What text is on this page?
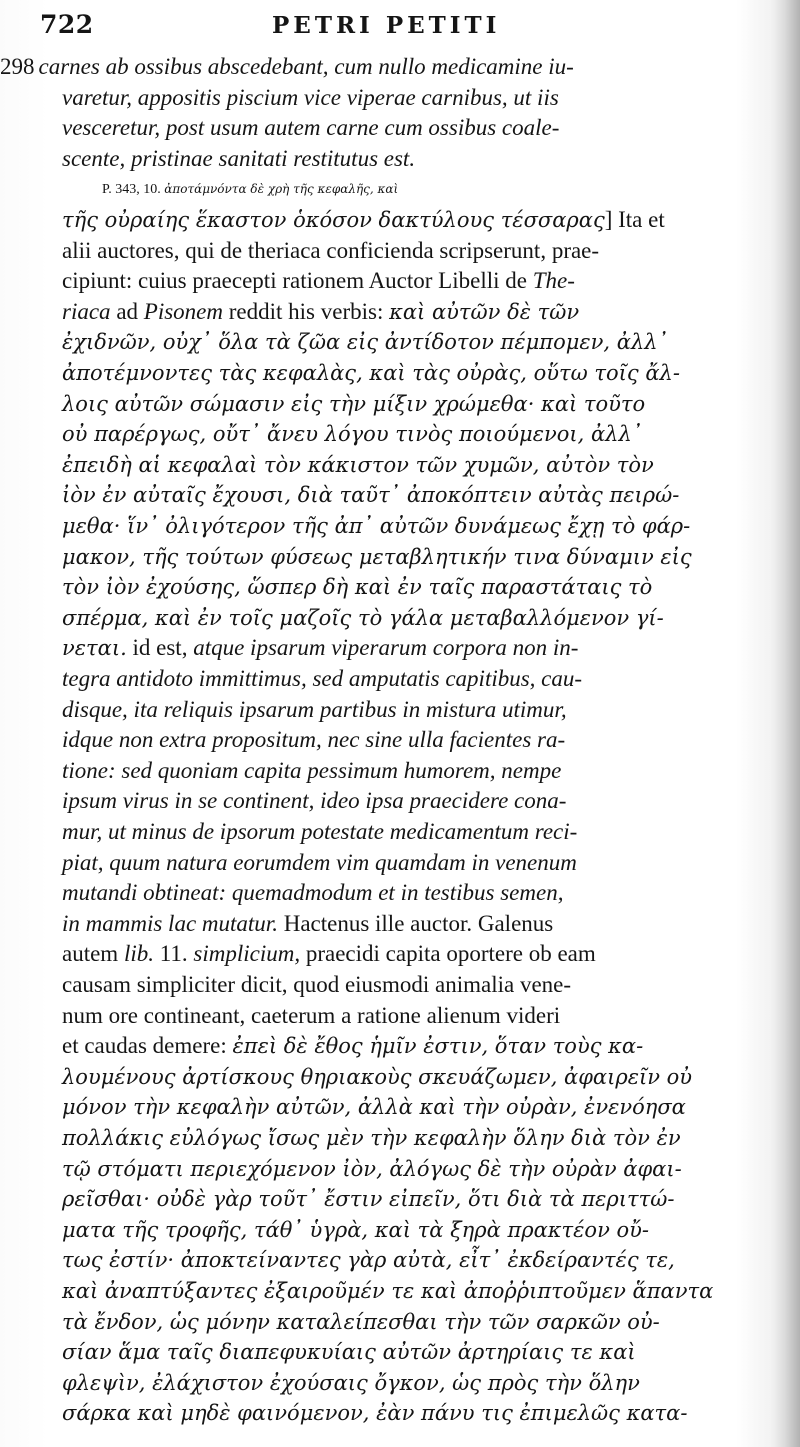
722	PETRI PETITI
298 carnes ab ossibus abscedebant, cum nullo medicamine iu-
varetur, appositis piscium vice viperae carnibus, ut iis
vesceretur, post usum autem carne cum ossibus coale-
scente, pristinae sanitati restitutus est.
P. 343, 10. ἀποτάμνόντα δὲ χρὴ τῆς κεφαλῆς, καὶ
τῆς οὐραίης ἕκαστον ὁκόσον δακτύλους τέσσαρας] Ita et
alii auctores, qui de theriaca conficienda scripserunt, prae-
cipiunt: cuius praecepti rationem Auctor Libelli de The-
riaca ad Pisonem reddit his verbis: καὶ αὐτῶν δὲ τῶν
ἐχιδνῶν, οὐχ᾿ ὅλα τὰ ζῶα εἰς ἀντίδοτον πέμπομεν, ἀλλ᾿
ἀποτέμνοντες τὰς κεφαλὰς, καὶ τὰς οὐρὰς, οὕτω τοῖς ἄλ-
λοις αὐτῶν σώμασιν εἰς τὴν μίξιν χρώμεθα· καὶ τοῦτο
οὐ παρέργως, οὔτ᾿ ἄνευ λόγου τινὸς ποιούμενοι, ἀλλ᾿
ἐπειδὴ αἱ κεφαλαὶ τὸν κάκιστον τῶν χυμῶν, αὐτὸν τὸν
ἰὸν ἐν αὐταῖς ἔχουσι, διὰ ταῦτ᾿ ἀποκόπτειν αὐτὰς πειρώ-
μεθα· ἵν᾿ ὀλιγότερον τῆς ἀπ᾿ αὐτῶν δυνάμεως ἔχῃ τὸ φάρ-
μακον, τῆς τούτων φύσεως μεταβλητικήν τινα δύναμιν εἰς
τὸν ἰὸν ἐχούσης, ὥσπερ δὴ καὶ ἐν ταῖς παραστάταις τὸ
σπέρμα, καὶ ἐν τοῖς μαζοῖς τὸ γάλα μεταβαλλόμενον γί-
νεται. id est, atque ipsarum viperarum corpora non in-
tegra antidoto immittimus, sed amputatis capitibus, cau-
disque, ita reliquis ipsarum partibus in mistura utimur,
idque non extra propositum, nec sine ulla facientes ra-
tione: sed quoniam capita pessimum humorem, nempe
ipsum virus in se continent, ideo ipsa praecidere cona-
mur, ut minus de ipsorum potestate medicamentum reci-
piat, quum natura eorumdem vim quamdam in venenum
mutandi obtineat: quemadmodum et in testibus semen,
in mammis lac mutatur. Hactenus ille auctor. Galenus
autem lib. 11. simplicium, praecidi capita oportere ob eam
causam simpliciter dicit, quod eiusmodi animalia vene-
num ore contineant, caeterum a ratione alienum videri
et caudas demere: ἐπεὶ δὲ ἔθος ἡμῖν ἐστιν, ὅταν τοὺς κα-
λουμένους ἀρτίσκους θηριακοὺς σκευάζωμεν, ἀφαιρεῖν οὐ
μόνον τὴν κεφαλὴν αὐτῶν, ἀλλὰ καὶ τὴν οὐρὰν, ἐνενόησα
πολλάκις εὐλόγως ἴσως μὲν τὴν κεφαλὴν ὅλην διὰ τὸν ἐν
τῷ στόματι περιεχόμενον ἰὸν, ἀλόγως δὲ τὴν οὐρὰν ἀφαι-
ρεῖσθαι· οὐδὲ γὰρ τοῦτ᾿ ἔστιν εἰπεῖν, ὅτι διὰ τὰ περιττώ-
ματα τῆς τροφῆς, τάθ᾿ ὑγρὰ, καὶ τὰ ξηρὰ πρακτέον οὔ-
τως ἐστίν· ἀποκτείναντες γὰρ αὐτὰ, εἶτ᾿ ἐκδείραντές τε,
καὶ ἀναπτύξαντες ἐξαιροῦμέν τε καὶ ἀποῤῥιπτοῦμεν ἅπαντα
τὰ ἔνδον, ὡς μόνην καταλείπεσθαι τὴν τῶν σαρκῶν οὐ-
σίαν ἅμα ταῖς διαπεφυκυίαις αὐτῶν ἀρτηρίαις τε καὶ
φλεψὶν, ἐλάχιστον ἐχούσαις ὄγκον, ὡς πρὸς τὴν ὅλην
σάρκα καὶ μηδὲ φαινόμενον, ἐὰν πάνυ τις ἐπιμελῶς κατα-
